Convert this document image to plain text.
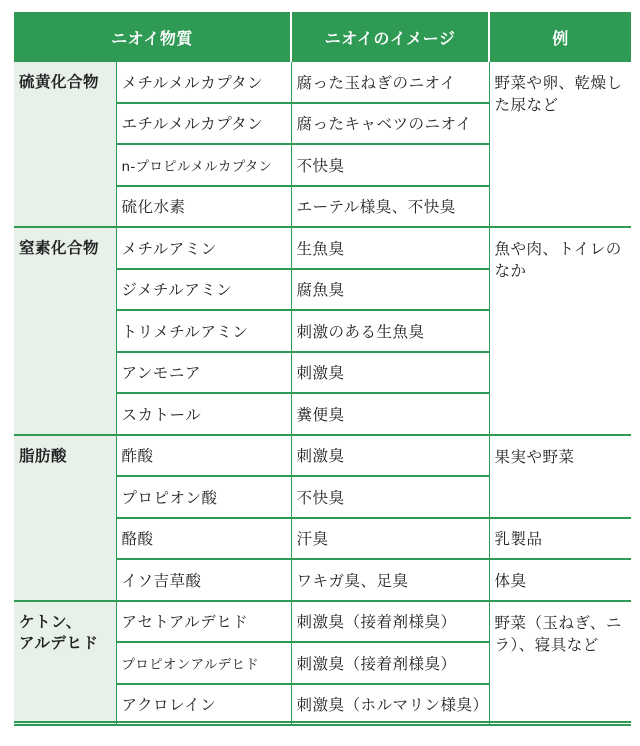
ニオイ物質		ニオイのイメージ	例
硫黄化合物	メチルメルカプタン	腐った玉ねぎのニオイ	野菜や卵、乾燥した尿など
	エチルメルカプタン	腐ったキャベツのニオイ	
	n-プロピルメルカプタン	不快臭	
	硫化水素	エーテル様臭、不快臭	
窒素化合物	メチルアミン	生魚臭	魚や肉、トイレのなか
	ジメチルアミン	腐魚臭	
	トリメチルアミン	刺激のある生魚臭	
	アンモニア	刺激臭	
	スカトール	糞便臭	
脂肪酸	酢酸	刺激臭	果実や野菜
	プロピオン酸	不快臭	
	酪酸	汗臭	乳製品
	イソ吉草酸	ワキガ臭、足臭	体臭
ケトン、
アルデヒド	アセトアルデヒド	刺激臭（接着剤様臭）	野菜（玉ねぎ、ニラ）、寝具など
	プロピオンアルデヒド	刺激臭（接着剤様臭）	
	アクロレイン	刺激臭（ホルマリン様臭）	
